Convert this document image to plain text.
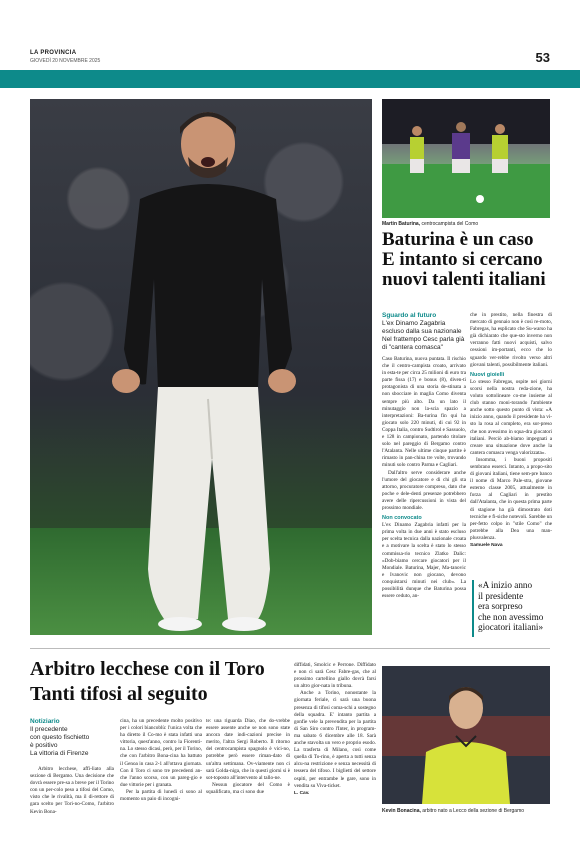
LA PROVINCIA
GIOVEDÌ 20 NOVEMBRE 2025	53
Martin Baturina, centrocampista del Como
Baturina è un caso
E intanto si cercano
nuovi talenti italiani
Sguardo al futuro
L'ex Dinamo Zagabria
escluso dalla sua nazionale
Nel frattempo Cesc parla già
di "cantera comasca"

Caso Baturina, nuova puntata. Il rischio che il centro-campista croato, arrivato in esta-te per circa 25 milioni di euro tra parte fissa (17) e bonus (8), diven-ti protagonista di una storia de-stinata a non sbocciare in maglia Como diventa sempre più alto. Da un lato il minutaggio non la-scia spazio a interpretazioni: Ba-turina fin qui ha giocato solo 220 minuti, di cui 92 in Coppa Italia, contro Sudtirol e Sassuolo, e 128 in campionato, partendo titolare solo nel pareggio di Bergamo contro l'Atalanta. Nelle ultime cinque partite è rimasto in pan-china tre volte, trovando minuti solo contro Parma e Cagliari.

Dall'altro serve considerare anche l'umore del giocatore e di chi gli sta attorno, procuratore compreso, dato che poche e dele-denti presenze potrebbero avere delle ripercussioni in vista del prossimo mondiale.

Non convocato

L'ex Dinamo Zagabria infatti per la prima volta in due anni è stato escluso per scelta tecnica dalla nazionale croata e a motivare la scelta è stato lo stesso commissa-rio tecnico Zlatko Dalic: «Dob-biamo cercare giocatori per il Mondiale. Baturina, Majer, Ma-tanovic e Ivanovic non giocano, devono conquistarsi minuti nei club». La possibilità dunque che Baturina possa essere ceduto, an-

che in prestito, nella finestra di mercato di gennaio non è così re-moto, Fabregas, ha esplicato che Su-warso ha già dichiarato che que-sto inverno non verranno fatti nuovi acquisti, salvo cessioni im-portanti, ecco che lo sguardo ver-rebbe rivolto verso altri giovani talenti, possibilmente italiani.

Nuovi gioielli

Lo stesso Fabregas, ospite nei giorni scorsi nella nostra reda-zione, ha voluto sottolineare co-me insieme al club stanno moni-torando l'ambiente anche sotto questo punto di vista: «A inizio anno, quando il presidente ha vi-sto la rosa al completo, era sor-preso che non avessimo in squa-dra giocatori italiani. Perciò ab-biamo impegnati a creare una situazione dove anche la cantera comasca venga valorizzata».

Insomma, i buoni propositi sembrano esserci. Intanto, a propo-sito di giovani italiani, tiene sem-pre banco il nome di Marco Pale-stra, giovane esterno classe 2005, attualmente in forza al Cagliari in prestito dall'Atalanta, che in questa prima parte di stagione ha già dimostrato doti tecniche e fi-siche notevoli. Sarebbe un per-fetto colpo in "stile Como" che potrebbe alla Dea una man-plusvalenza.

Samuele Nava
«A inizio anno
il presidente
era sorpreso
che non avessimo
giocatori italiani»
Arbitro lecchese con il Toro
Tanti tifosi al seguito
Notiziario
Il precedente
con questo fischietto
è positivo
La vittoria di Firenze

Arbitro lecchese, affi-liato alla sezione di Bergamo. Una decisione che dovrà essere pre-sa a breve per il Torino con un per-colo peso a tifosi del Como, visto che le rivalità, ma il di-rettore di gara scelto per Tori-no-Como, l'arbitro Kevin Bona-

cina, ha un precedente molto positivo per i colori biancoblù: l'unica volta che ha diretto il Co-mo è stata infatti una vittoria, quest'anno, contro la Fiorenti-na. Lo stesso dicasi, però, per il Torino, che con l'arbitro Bona-cina ha battuto il Genoa in casa 2-1 all'ottava giornata. Con il Toro ci sono tre precedenti an-che l'anno scorso, con un pareg-gio e due vittorie per i granata.

Per la partita di lunedì ci sono al momento un paio di incogni-

te: una riguarda Diao, che do-vrebbe essere assente anche se non sono state ancora date indi-cazioni precise in merito, l'altra Sergi Roberto. Il ritorno del centrocampista spagnolo è vici-no, potrebbe però essere riman-dato di un'altra settimana. Ov-viamente non ci sarà Golda-niga, che in questi giorni si è sot-toposto all'intervento al tallo-ne.

Nessun giocatore del Como è squalificato, ma ci sono due

diffidati, Smolcic e Perrone. Diffidato e non ci sarà Cesc Fabre-gas, che al prossimo cartellino giallo dovrà farsi un altro gior-nata in tribuna.

Anche a Torino, nonostante la giornata feriale, ci sarà una buona presenza di tifosi coma-schi a sostegno della squadra. E' intanto partita a gonfie vele la prevendita per la partita di San Siro contro l'Inter, in program-ma sabato 6 dicembre alle 18. Sarà anche stavolta un vero e proprio esodo. La trasferta di Milano, così come quella di To-rino, è aperta a tutti senza alcu-na restrizione e senza necessità di tessera del tifoso. I biglietti del settore ospiti, per entrambe le gare, sono in vendita su Viva-ticket.

L. Cav.
Kevin Bonacina, arbitro nato a Lecco della sezione di Bergamo
